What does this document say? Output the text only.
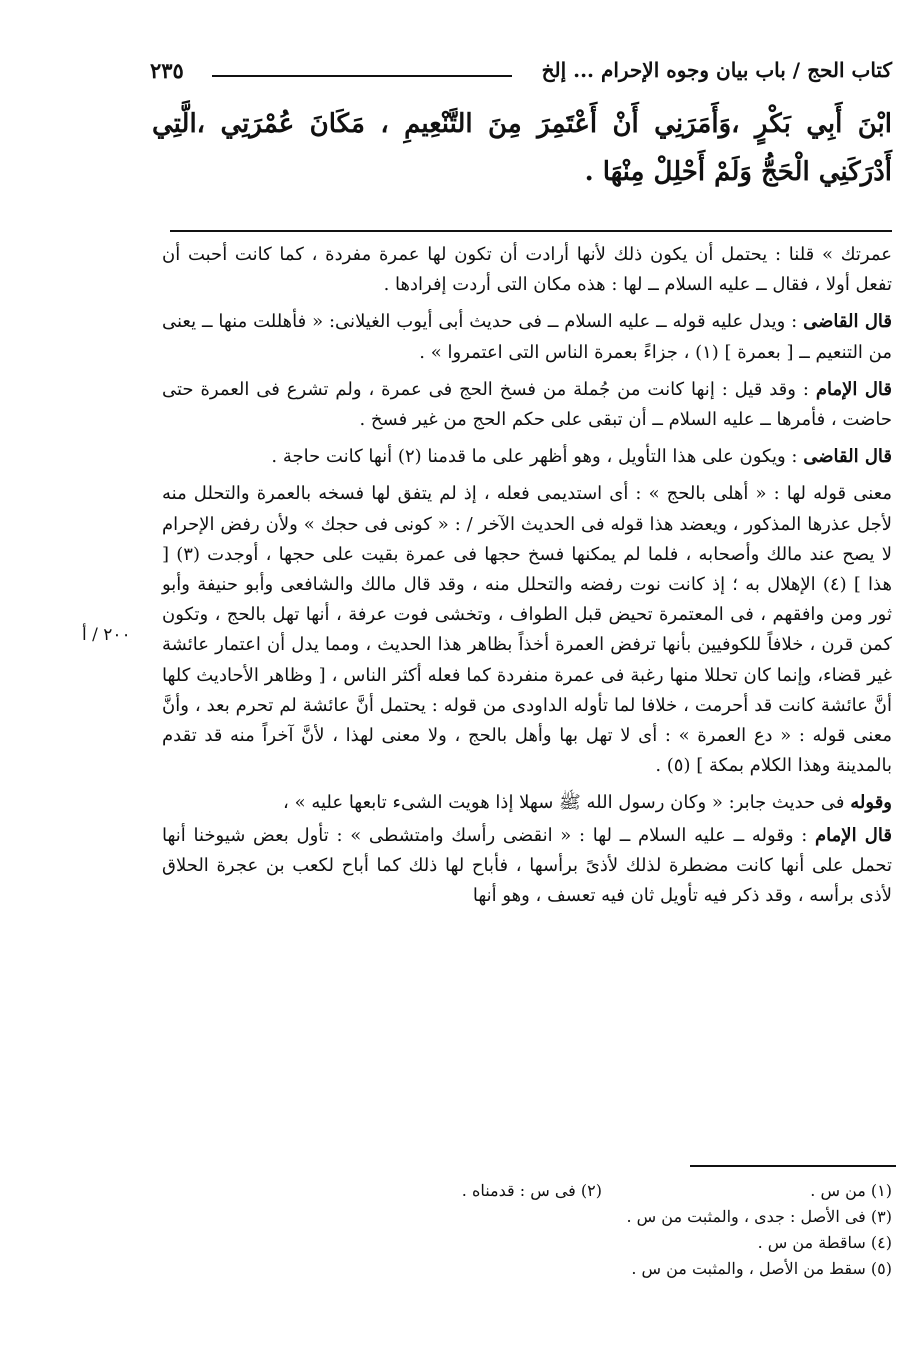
كتاب الحج / باب بيان وجوه الإحرام ... إلخ
٢٣٥
ابْنَ أَبِي بَكْرٍ ،وَأَمَرَنِي أَنْ أَعْتَمِرَ مِنَ التَّنْعِيمِ ، مَكَانَ عُمْرَتِي ،الَّتِي أَدْرَكَنِي الْحَجُّ وَلَمْ أَحْلِلْ مِنْهَا .

عمرتك » قلنا : يحتمل أن يكون ذلك لأنها أرادت أن تكون لها عمرة مفردة ، كما كانت أحبت أن تفعل أولا ، فقال ــ عليه السلام ــ لها : هذه مكان التى أردت إفرادها .

قال القاضى : ويدل عليه قوله ــ عليه السلام ــ فى حديث أبى أيوب الغيلانى: « فأهللت منها ــ يعنى من التنعيم ــ [ بعمرة ] (١) ، جزاءً بعمرة الناس التى اعتمروا » .

قال الإمام : وقد قيل : إنها كانت من جُملة من فسخ الحج فى عمرة ، ولم تشرع فى العمرة حتى حاضت ، فأمرها ــ عليه السلام ــ أن تبقى على حكم الحج من غير فسخ .

قال القاضى : ويكون على هذا التأويل ، وهو أظهر على ما قدمنا (٢) أنها كانت حاجة .

معنى قوله لها : « أهلى بالحج » : أى استديمى فعله ، إذ لم يتفق لها فسخه بالعمرة والتحلل منه لأجل عذرها المذكور ، ويعضد هذا قوله فى الحديث الآخر / : « كونى فى حجك » ولأن رفض الإحرام لا يصح عند مالك وأصحابه ، فلما لم يمكنها فسخ حجها فى عمرة بقيت على حجها ، أوجدت (٣) [ هذا ] (٤) الإهلال به ؛ إذ كانت نوت رفضه والتحلل منه ، وقد قال مالك والشافعى وأبو حنيفة وأبو ثور ومن وافقهم ، فى المعتمرة تحيض قبل الطواف ، وتخشى فوت عرفة ، أنها تهل بالحج ، وتكون كمن قرن ، خلافاً للكوفيين بأنها ترفض العمرة أخذاً بظاهر هذا الحديث ، ومما يدل أن اعتمار عائشة غير قضاء، وإنما كان تحللا منها رغبة فى عمرة منفردة كما فعله أكثر الناس ، [ وظاهر الأحاديث كلها أنَّ عائشة كانت قد أحرمت ، خلافا لما تأوله الداودى من قوله : يحتمل أنَّ عائشة لم تحرم بعد ، وأنَّ معنى قوله : « دع العمرة » : أى لا تهل بها وأهل بالحج ، ولا معنى لهذا ، لأنَّ آخراً منه قد تقدم بالمدينة وهذا الكلام بمكة ] (٥) .

وقوله فى حديث جابر: « وكان رسول الله ﷺ سهلا إذا هويت الشىء تابعها عليه » ،

قال الإمام : وقوله ــ عليه السلام ــ لها : « انقضى رأسك وامتشطى » : تأول بعض شيوخنا أنها تحمل على أنها كانت مضطرة لذلك لأذىً برأسها ، فأباح لها ذلك كما أباح لكعب بن عجرة الحلاق لأذى برأسه ، وقد ذكر فيه تأويل ثان فيه تعسف ، وهو أنها

٢٠٠ / أ
(١) من س .
(٢) فى س : قدمناه .
(٣) فى الأصل : جدى ، والمثبت من س .
(٤) ساقطة من س .
(٥) سقط من الأصل ، والمثبت من س .
